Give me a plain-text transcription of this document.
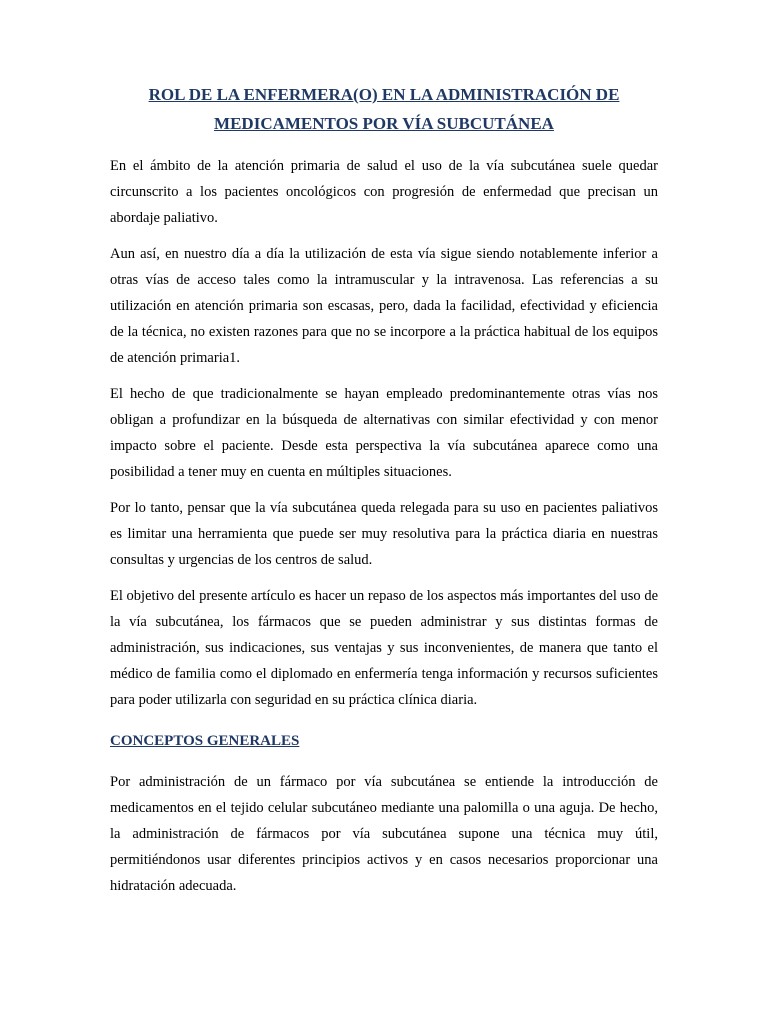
ROL DE LA ENFERMERA(O) EN LA ADMINISTRACIÓN DE
MEDICAMENTOS POR VÍA SUBCUTÁNEA

En el ámbito de la atención primaria de salud el uso de la vía subcutánea suele quedar circunscrito a los pacientes oncológicos con progresión de enfermedad que precisan un abordaje paliativo.

Aun así, en nuestro día a día la utilización de esta vía sigue siendo notablemente inferior a otras vías de acceso tales como la intramuscular y la intravenosa. Las referencias a su utilización en atención primaria son escasas, pero, dada la facilidad, efectividad y eficiencia de la técnica, no existen razones para que no se incorpore a la práctica habitual de los equipos de atención primaria1.

El hecho de que tradicionalmente se hayan empleado predominantemente otras vías nos obligan a profundizar en la búsqueda de alternativas con similar efectividad y con menor impacto sobre el paciente. Desde esta perspectiva la vía subcutánea aparece como una posibilidad a tener muy en cuenta en múltiples situaciones.

Por lo tanto, pensar que la vía subcutánea queda relegada para su uso en pacientes paliativos es limitar una herramienta que puede ser muy resolutiva para la práctica diaria en nuestras consultas y urgencias de los centros de salud.

El objetivo del presente artículo es hacer un repaso de los aspectos más importantes del uso de la vía subcutánea, los fármacos que se pueden administrar y sus distintas formas de administración, sus indicaciones, sus ventajas y sus inconvenientes, de manera que tanto el médico de familia como el diplomado en enfermería tenga información y recursos suficientes para poder utilizarla con seguridad en su práctica clínica diaria.

CONCEPTOS GENERALES

Por administración de un fármaco por vía subcutánea se entiende la introducción de medicamentos en el tejido celular subcutáneo mediante una palomilla o una aguja. De hecho, la administración de fármacos por vía subcutánea supone una técnica muy útil, permitiéndonos usar diferentes principios activos y en casos necesarios proporcionar una hidratación adecuada.
